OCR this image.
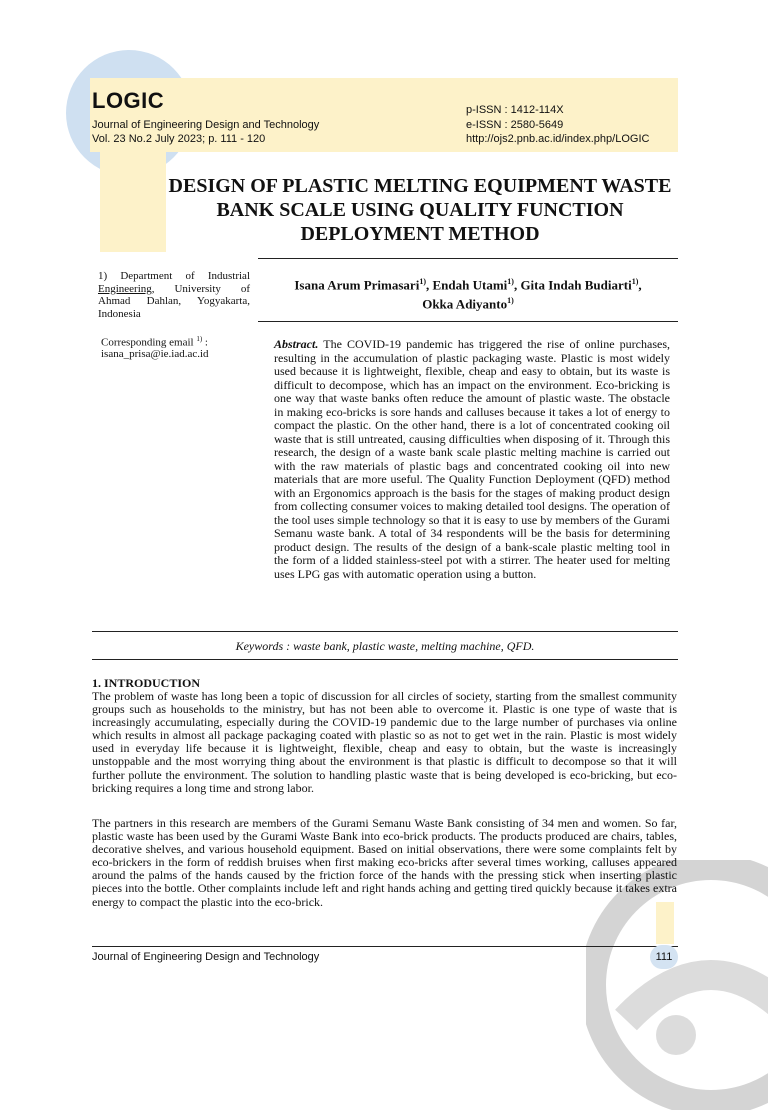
LOGIC
Journal of Engineering Design and Technology
Vol. 23 No.2 July 2023; p. 111 - 120
p-ISSN : 1412-114X
e-ISSN : 2580-5649
http://ojs2.pnb.ac.id/index.php/LOGIC
DESIGN OF PLASTIC MELTING EQUIPMENT WASTE BANK SCALE USING QUALITY FUNCTION DEPLOYMENT METHOD
1) Department of Industrial Engineering, University of Ahmad Dahlan, Yogyakarta, Indonesia
Corresponding email $^{1)}$ :
isana_prisa@ie.iad.ac.id
Isana Arum Primasari$^{1)}$, Endah Utami$^{1)}$, Gita Indah Budiarti$^{1)}$,
Okka Adiyanto$^{1)}$
Abstract. The COVID-19 pandemic has triggered the rise of online purchases, resulting in the accumulation of plastic packaging waste. Plastic is most widely used because it is lightweight, flexible, cheap and easy to obtain, but its waste is difficult to decompose, which has an impact on the environment. Eco-bricking is one way that waste banks often reduce the amount of plastic waste. The obstacle in making eco-bricks is sore hands and calluses because it takes a lot of energy to compact the plastic. On the other hand, there is a lot of concentrated cooking oil waste that is still untreated, causing difficulties when disposing of it. Through this research, the design of a waste bank scale plastic melting machine is carried out with the raw materials of plastic bags and concentrated cooking oil into new materials that are more useful. The Quality Function Deployment (QFD) method with an Ergonomics approach is the basis for the stages of making product design from collecting consumer voices to making detailed tool designs. The operation of the tool uses simple technology so that it is easy to use by members of the Gurami Semanu waste bank. A total of 34 respondents will be the basis for determining product design. The results of the design of a bank-scale plastic melting tool in the form of a lidded stainless-steel pot with a stirrer. The heater used for melting uses LPG gas with automatic operation using a button.
Keywords : waste bank, plastic waste, melting machine, QFD.
1. INTRODUCTION
The problem of waste has long been a topic of discussion for all circles of society, starting from the smallest community groups such as households to the ministry, but has not been able to overcome it. Plastic is one type of waste that is increasingly accumulating, especially during the COVID-19 pandemic due to the large number of purchases via online which results in almost all package packaging coated with plastic so as not to get wet in the rain. Plastic is most widely used in everyday life because it is lightweight, flexible, cheap and easy to obtain, but the waste is increasingly unstoppable and the most worrying thing about the environment is that plastic is difficult to decompose so that it will further pollute the environment. The solution to handling plastic waste that is being developed is eco-bricking, but eco-bricking requires a long time and strong labor.
The partners in this research are members of the Gurami Semanu Waste Bank consisting of 34 men and women. So far, plastic waste has been used by the Gurami Waste Bank into eco-brick products. The products produced are chairs, tables, decorative shelves, and various household equipment. Based on initial observations, there were some complaints felt by eco-brickers in the form of reddish bruises when first making eco-bricks after several times working, calluses appeared around the palms of the hands caused by the friction force of the hands with the pressing stick when inserting plastic pieces into the bottle. Other complaints include left and right hands aching and getting tired quickly because it takes extra energy to compact the plastic into the eco-brick.
Journal of Engineering Design and Technology	111
